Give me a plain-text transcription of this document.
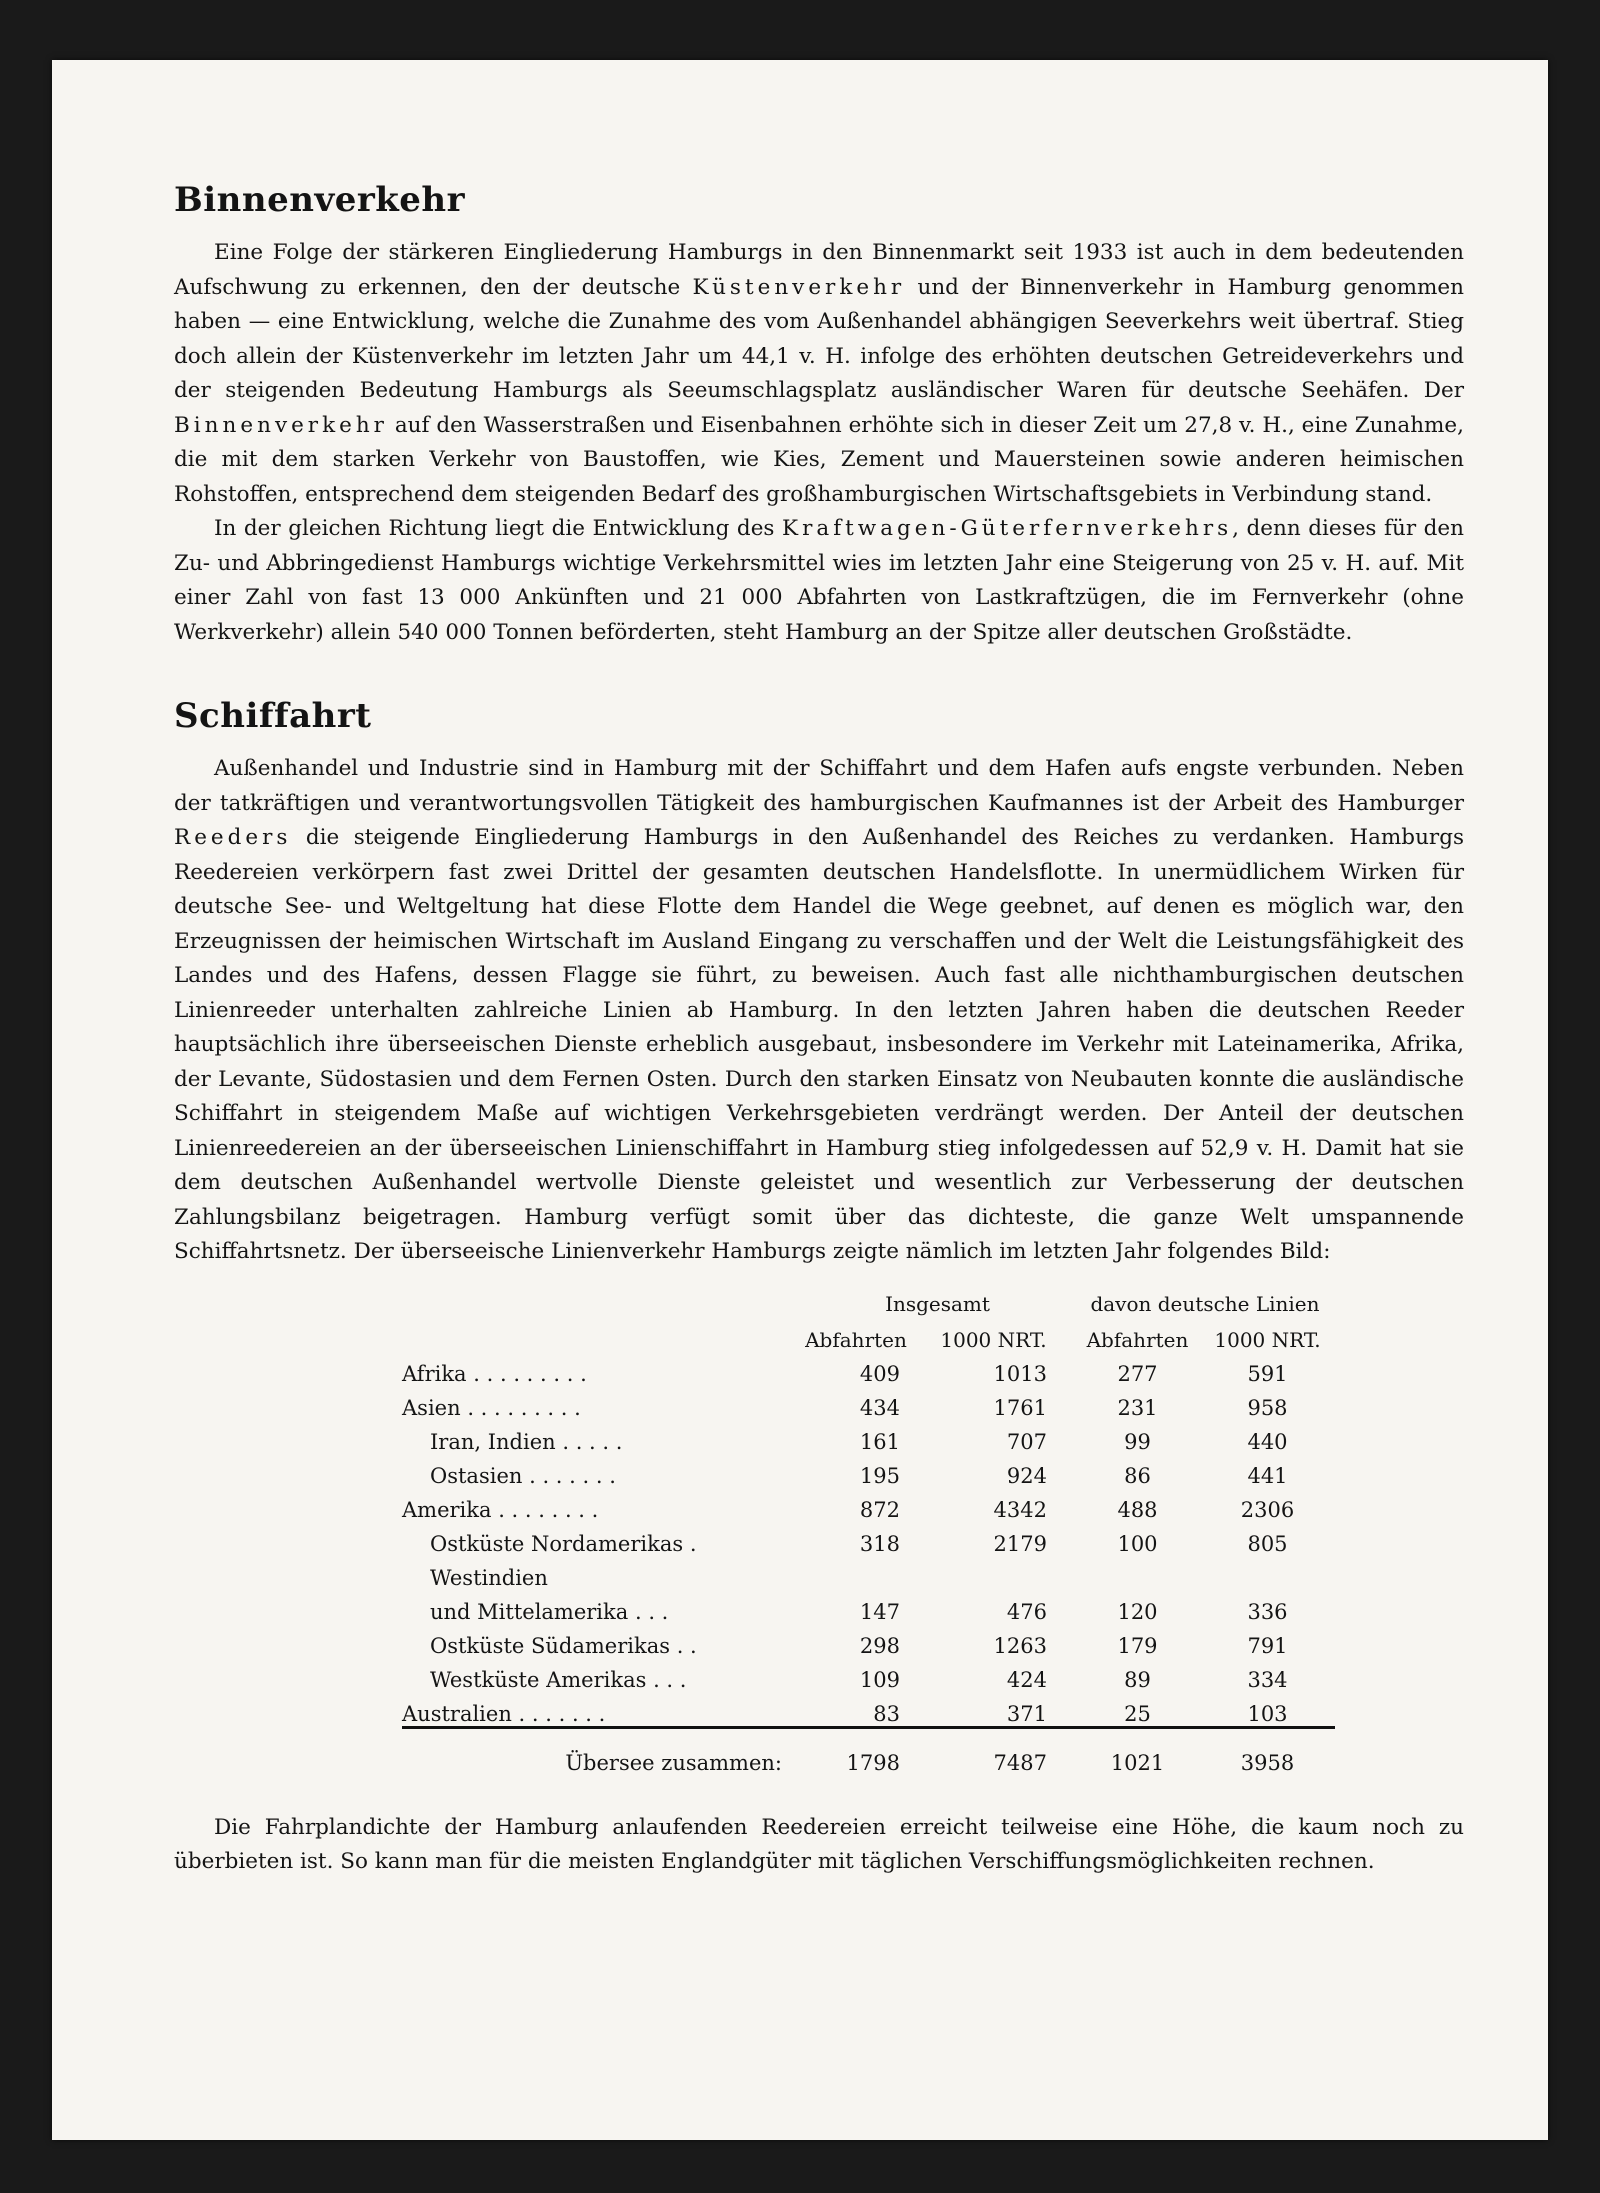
Binnenverkehr

Eine Folge der stärkeren Eingliederung Hamburgs in den Binnenmarkt seit 1933 ist auch in dem bedeutenden Aufschwung zu erkennen, den der deutsche Küstenverkehr und der Binnenverkehr in Hamburg genommen haben — eine Entwicklung, welche die Zunahme des vom Außenhandel abhängigen Seeverkehrs weit übertraf. Stieg doch allein der Küstenverkehr im letzten Jahr um 44,1 v. H. infolge des erhöhten deutschen Getreideverkehrs und der steigenden Bedeutung Hamburgs als Seeumschlagsplatz ausländischer Waren für deutsche Seehäfen. Der Binnenverkehr auf den Wasserstraßen und Eisenbahnen erhöhte sich in dieser Zeit um 27,8 v. H., eine Zunahme, die mit dem starken Verkehr von Baustoffen, wie Kies, Zement und Mauersteinen sowie anderen heimischen Rohstoffen, entsprechend dem steigenden Bedarf des großhamburgischen Wirtschaftsgebiets in Verbindung stand.

In der gleichen Richtung liegt die Entwicklung des Kraftwagen-Güterfernverkehrs, denn dieses für den Zu- und Abbringedienst Hamburgs wichtige Verkehrsmittel wies im letzten Jahr eine Steigerung von 25 v. H. auf. Mit einer Zahl von fast 13 000 Ankünften und 21 000 Abfahrten von Lastkraftzügen, die im Fernverkehr (ohne Werkverkehr) allein 540 000 Tonnen beförderten, steht Hamburg an der Spitze aller deutschen Großstädte.

Schiffahrt

Außenhandel und Industrie sind in Hamburg mit der Schiffahrt und dem Hafen aufs engste verbunden. Neben der tatkräftigen und verantwortungsvollen Tätigkeit des hamburgischen Kaufmannes ist der Arbeit des Hamburger Reeders die steigende Eingliederung Hamburgs in den Außenhandel des Reiches zu verdanken. Hamburgs Reedereien verkörpern fast zwei Drittel der gesamten deutschen Handelsflotte. In unermüdlichem Wirken für deutsche See- und Weltgeltung hat diese Flotte dem Handel die Wege geebnet, auf denen es möglich war, den Erzeugnissen der heimischen Wirtschaft im Ausland Eingang zu verschaffen und der Welt die Leistungsfähigkeit des Landes und des Hafens, dessen Flagge sie führt, zu beweisen. Auch fast alle nichthamburgischen deutschen Linienreeder unterhalten zahlreiche Linien ab Hamburg. In den letzten Jahren haben die deutschen Reeder hauptsächlich ihre überseeischen Dienste erheblich ausgebaut, insbesondere im Verkehr mit Lateinamerika, Afrika, der Levante, Südostasien und dem Fernen Osten. Durch den starken Einsatz von Neubauten konnte die ausländische Schiffahrt in steigendem Maße auf wichtigen Verkehrsgebieten verdrängt werden. Der Anteil der deutschen Linienreedereien an der überseeischen Linienschiffahrt in Hamburg stieg infolgedessen auf 52,9 v. H. Damit hat sie dem deutschen Außenhandel wertvolle Dienste geleistet und wesentlich zur Verbesserung der deutschen Zahlungsbilanz beigetragen. Hamburg verfügt somit über das dichteste, die ganze Welt umspannende Schiffahrtsnetz. Der überseeische Linienverkehr Hamburgs zeigte nämlich im letzten Jahr folgendes Bild:

	Insgesamt		davon deutsche Linien	
	Abfahrten	1000 NRT.	Abfahrten	1000 NRT.
Afrika . . . . . . . . .	409	1013	277	591
Asien . . . . . . . . .	434	1761	231	958
Iran, Indien . . . . .	161	707	99	440
Ostasien . . . . . . .	195	924	86	441
Amerika . . . . . . . .	872	4342	488	2306
Ostküste Nordamerikas .	318	2179	100	805
Westindien				
und Mittelamerika . . .	147	476	120	336
Ostküste Südamerikas . .	298	1263	179	791
Westküste Amerikas . . .	109	424	89	334
Australien . . . . . . .	83	371	25	103
Übersee zusammen:	1798	7487	1021	3958

Die Fahrplandichte der Hamburg anlaufenden Reedereien erreicht teilweise eine Höhe, die kaum noch zu überbieten ist. So kann man für die meisten Englandgüter mit täglichen Verschiffungsmöglichkeiten rechnen.
